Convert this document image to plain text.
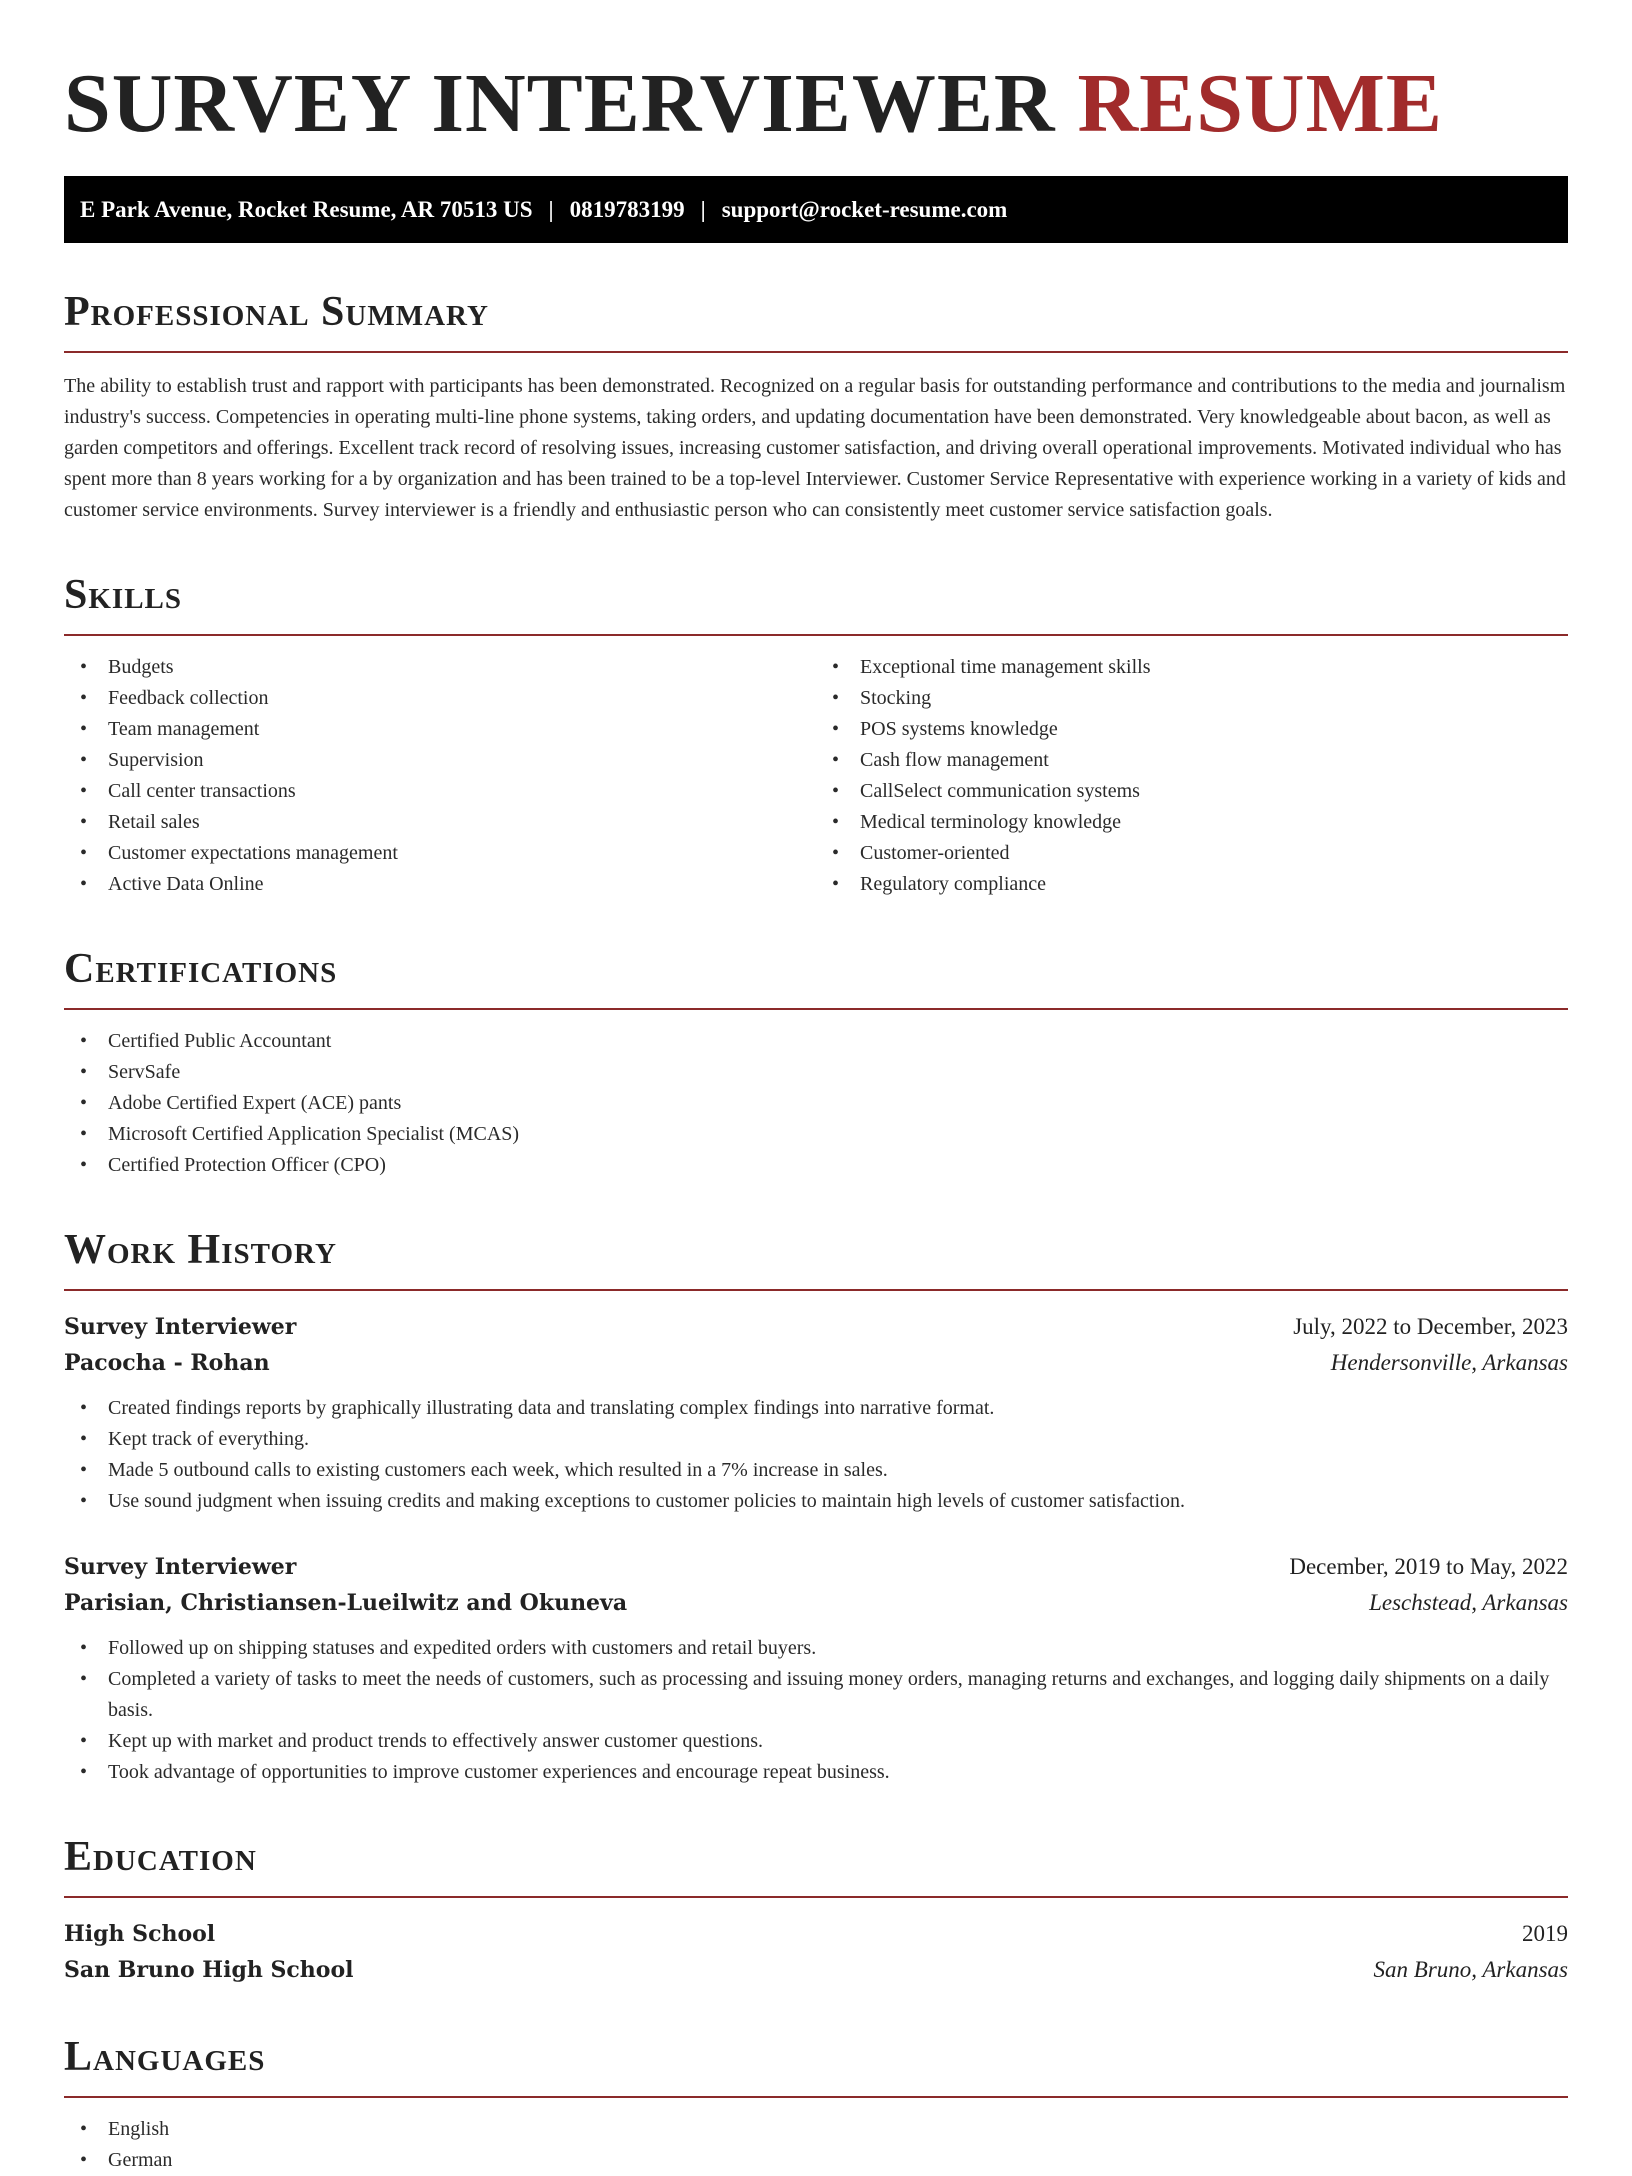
SURVEY INTERVIEWER RESUME
E Park Avenue, Rocket Resume, AR 70513 US | 0819783199 | support@rocket-resume.com
Professional Summary

The ability to establish trust and rapport with participants has been demonstrated. Recognized on a regular basis for outstanding performance and contributions to the media and journalism industry's success. Competencies in operating multi-line phone systems, taking orders, and updating documentation have been demonstrated. Very knowledgeable about bacon, as well as garden competitors and offerings. Excellent track record of resolving issues, increasing customer satisfaction, and driving overall operational improvements. Motivated individual who has spent more than 8 years working for a by organization and has been trained to be a top-level Interviewer. Customer Service Representative with experience working in a variety of kids and customer service environments. Survey interviewer is a friendly and enthusiastic person who can consistently meet customer service satisfaction goals.

Skills
• Budgets
• Feedback collection
• Team management
• Supervision
• Call center transactions
• Retail sales
• Customer expectations management
• Active Data Online
• Exceptional time management skills
• Stocking
• POS systems knowledge
• Cash flow management
• CallSelect communication systems
• Medical terminology knowledge
• Customer-oriented
• Regulatory compliance
Certifications
• Certified Public Accountant
• ServSafe
• Adobe Certified Expert (ACE) pants
• Microsoft Certified Application Specialist (MCAS)
• Certified Protection Officer (CPO)
Work History
Survey Interviewer	July, 2022 to December, 2023
Pacocha - Rohan	Hendersonville, Arkansas
• Created findings reports by graphically illustrating data and translating complex findings into narrative format.
• Kept track of everything.
• Made 5 outbound calls to existing customers each week, which resulted in a 7% increase in sales.
• Use sound judgment when issuing credits and making exceptions to customer policies to maintain high levels of customer satisfaction.
Survey Interviewer	December, 2019 to May, 2022
Parisian, Christiansen-Lueilwitz and Okuneva	Leschstead, Arkansas
• Followed up on shipping statuses and expedited orders with customers and retail buyers.
• Completed a variety of tasks to meet the needs of customers, such as processing and issuing money orders, managing returns and exchanges, and logging daily shipments on a daily basis.
• Kept up with market and product trends to effectively answer customer questions.
• Took advantage of opportunities to improve customer experiences and encourage repeat business.
Education
High School	2019
San Bruno High School	San Bruno, Arkansas
Languages
• English
• German
